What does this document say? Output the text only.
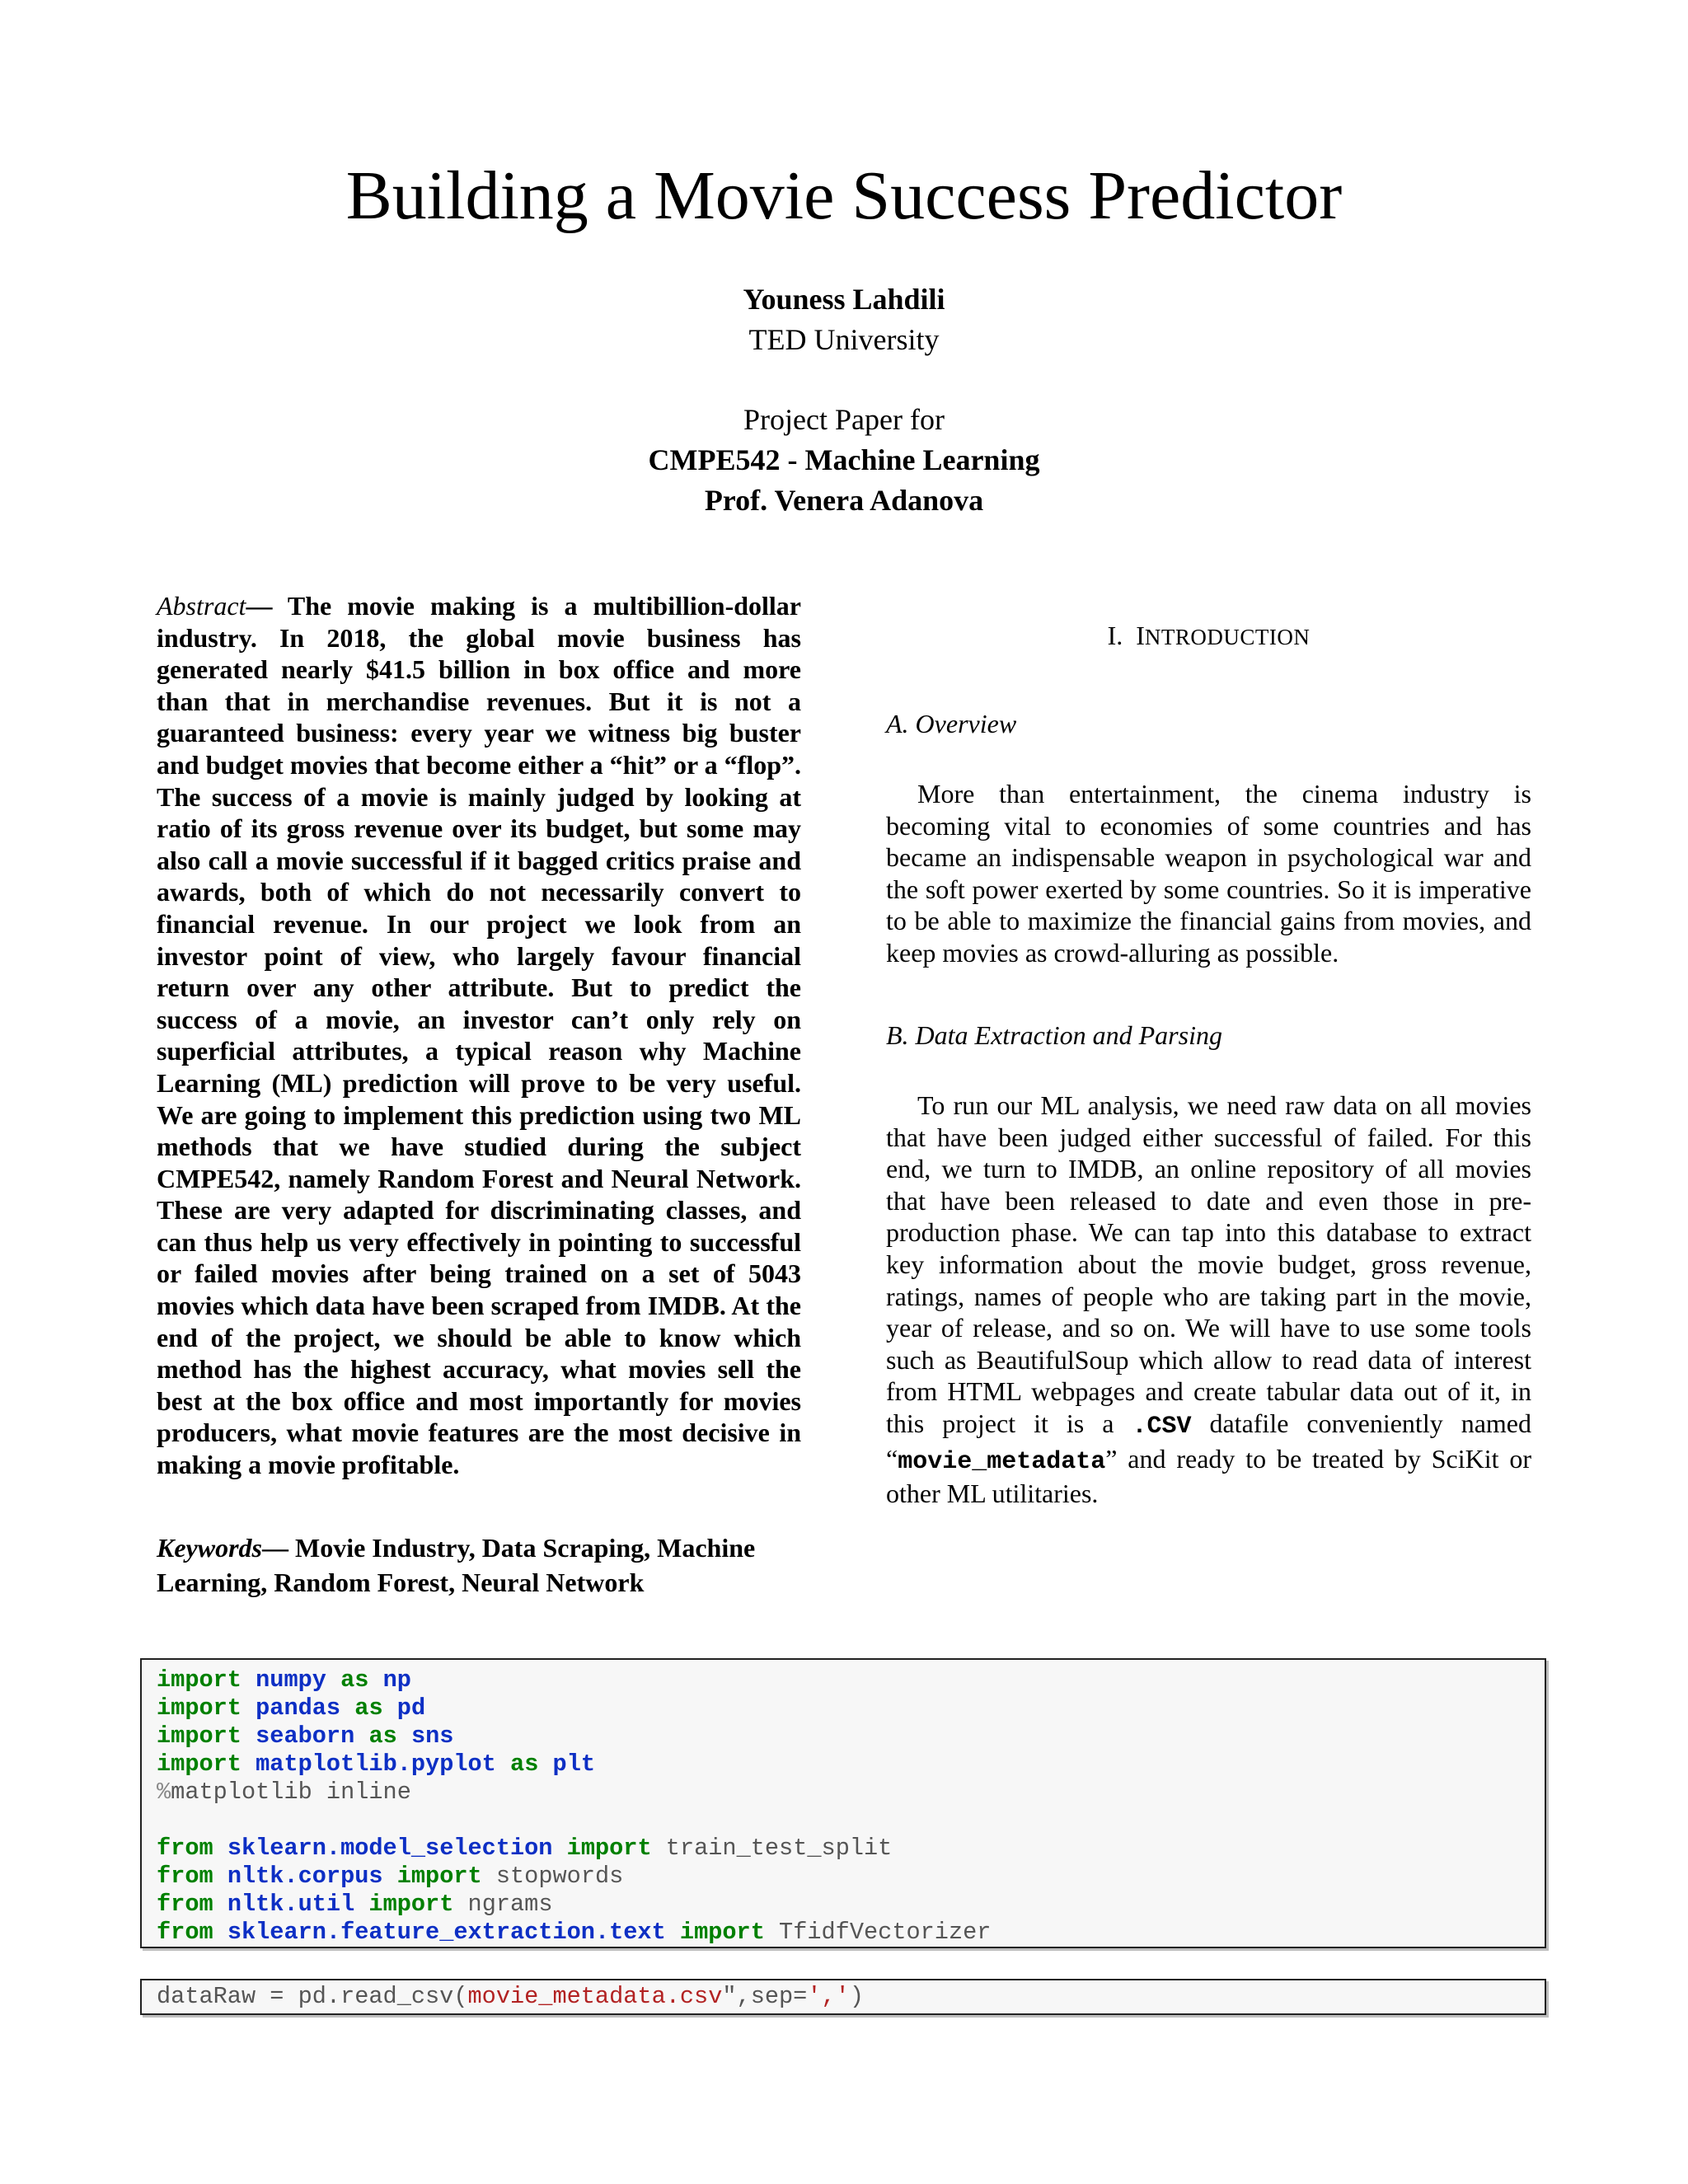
Building a Movie Success Predictor
Youness Lahdili
TED University
Project Paper for
CMPE542 - Machine Learning
Prof. Venera Adanova

Abstract— The movie making is a multibillion-dollar industry. In 2018, the global movie business has generated nearly $41.5 billion in box office and more than that in merchandise revenues. But it is not a guaranteed business: every year we witness big buster and budget movies that become either a “hit” or a “flop”. The success of a movie is mainly judged by looking at ratio of its gross revenue over its budget, but some may also call a movie successful if it bagged critics praise and awards, both of which do not necessarily convert to financial revenue. In our project we look from an investor point of view, who largely favour financial return over any other attribute. But to predict the success of a movie, an investor can’t only rely on superficial attributes, a typical reason why Machine Learning (ML) prediction will prove to be very useful. We are going to implement this prediction using two ML methods that we have studied during the subject CMPE542, namely Random Forest and Neural Network. These are very adapted for discriminating classes, and can thus help us very effectively in pointing to successful or failed movies after being trained on a set of 5043 movies which data have been scraped from IMDB. At the end of the project, we should be able to know which method has the highest accuracy, what movies sell the best at the box office and most importantly for movies producers, what movie features are the most decisive in making a movie profitable.

Keywords— Movie Industry, Data Scraping, Machine Learning, Random Forest, Neural Network

I. INTRODUCTION
A. Overview

More than entertainment, the cinema industry is becoming vital to economies of some countries and has became an indispensable weapon in psychological war and the soft power exerted by some countries. So it is imperative to be able to maximize the financial gains from movies, and keep movies as crowd-alluring as possible.

B. Data Extraction and Parsing

To run our ML analysis, we need raw data on all movies that have been judged either successful of failed. For this end, we turn to IMDB, an online repository of all movies that have been released to date and even those in pre-production phase. We can tap into this database to extract key information about the movie budget, gross revenue, ratings, names of people who are taking part in the movie, year of release, and so on. We will have to use some tools such as BeautifulSoup which allow to read data of interest from HTML webpages and create tabular data out of it, in this project it is a .CSV datafile conveniently named “movie_metadata” and ready to be treated by SciKit or other ML utilitaries.

import numpy as np
import pandas as pd
import seaborn as sns
import matplotlib.pyplot as plt
%matplotlib inline
from sklearn.model_selection import train_test_split
from nltk.corpus import stopwords
from nltk.util import ngrams
from sklearn.feature_extraction.text import TfidfVectorizer
dataRaw = pd.read_csv(movie_metadata.csv",sep=',')
